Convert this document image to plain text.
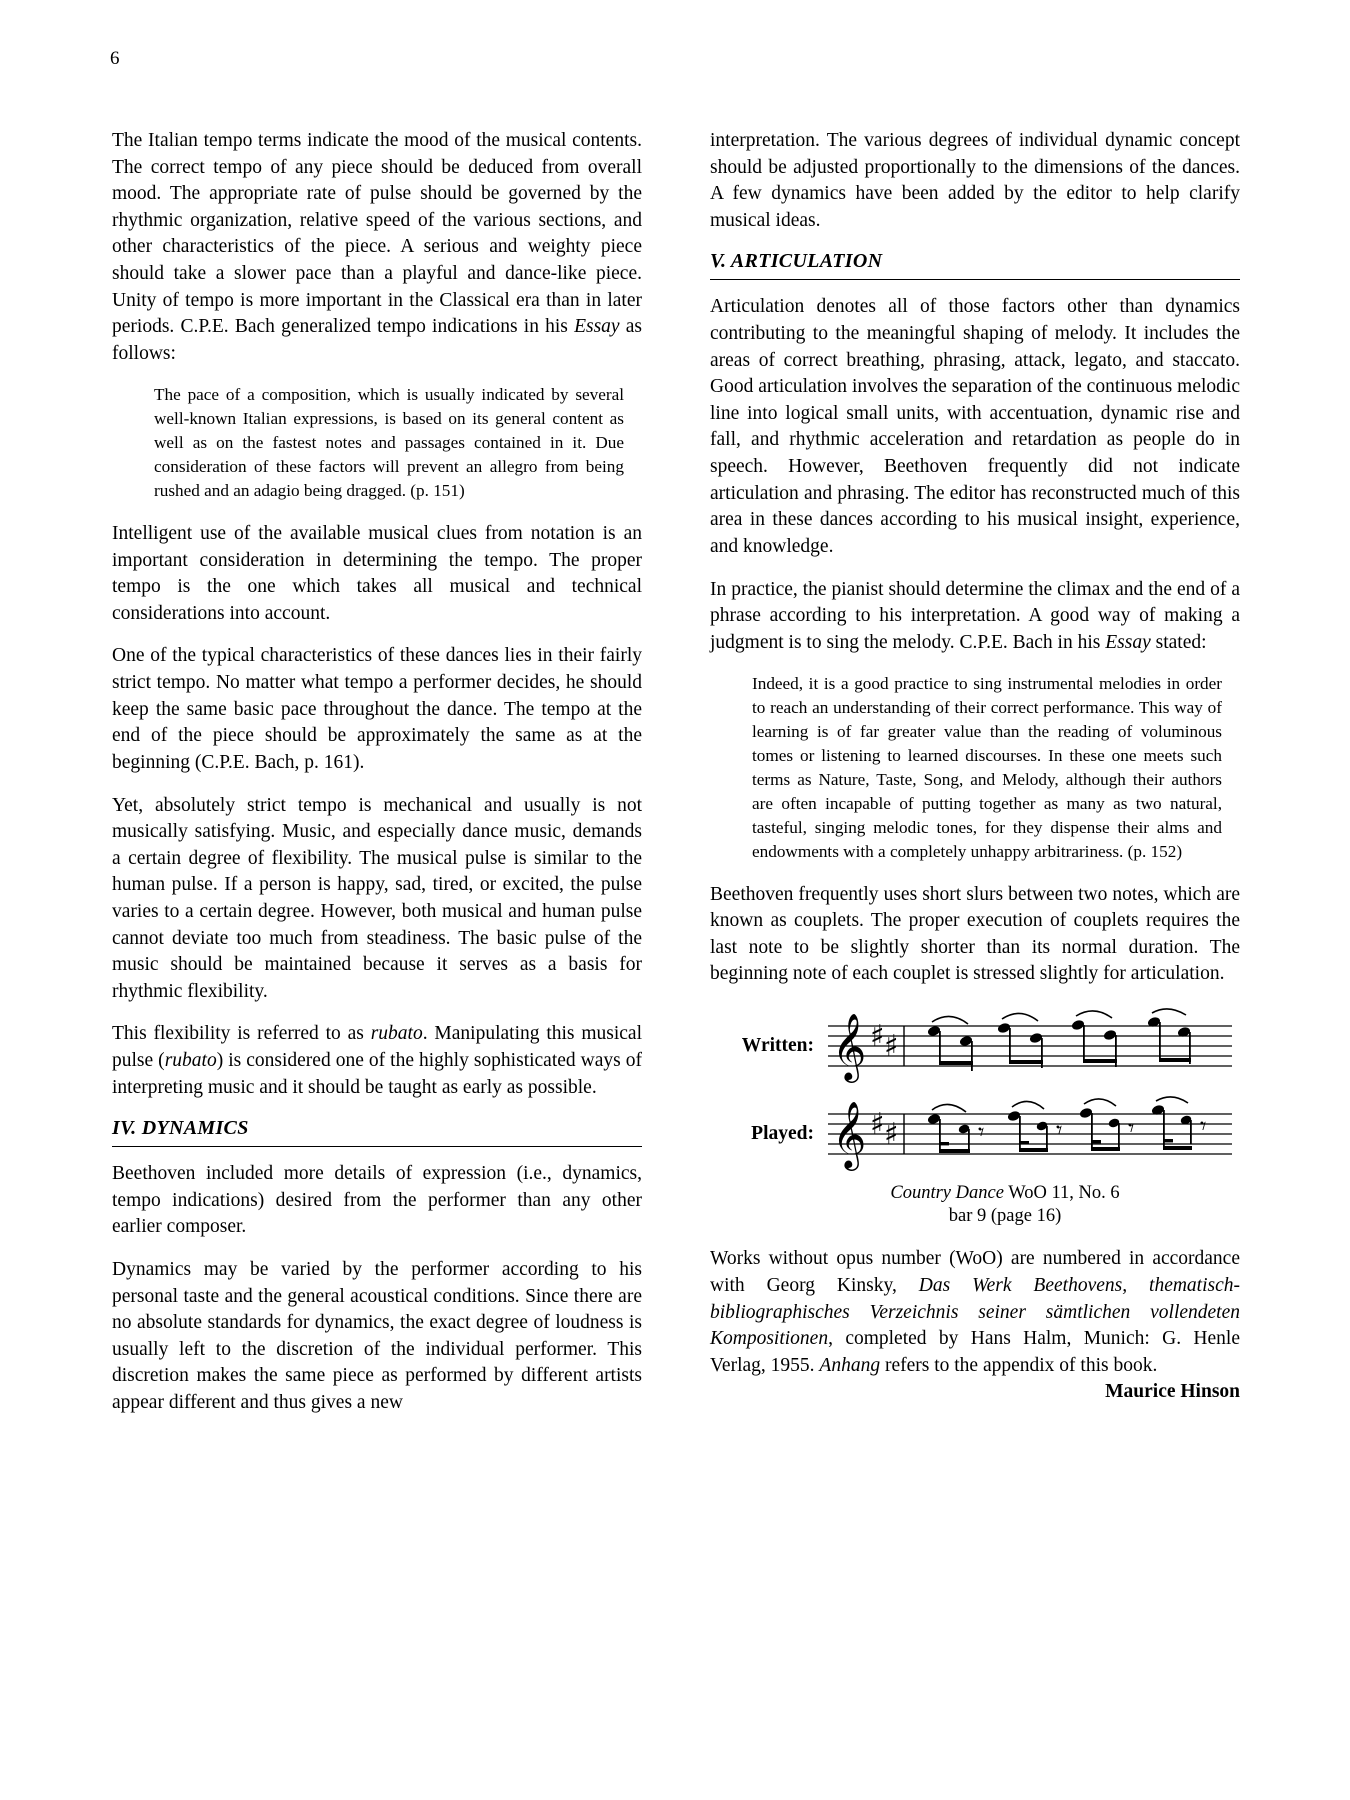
6

The Italian tempo terms indicate the mood of the musical contents. The correct tempo of any piece should be deduced from overall mood. The appropriate rate of pulse should be governed by the rhythmic organization, relative speed of the various sections, and other characteristics of the piece. A serious and weighty piece should take a slower pace than a playful and dance-like piece. Unity of tempo is more important in the Classical era than in later periods. C.P.E. Bach generalized tempo indications in his Essay as follows:

The pace of a composition, which is usually indicated by several well-known Italian expressions, is based on its general content as well as on the fastest notes and passages contained in it. Due consideration of these factors will prevent an allegro from being rushed and an adagio being dragged. (p. 151)

Intelligent use of the available musical clues from notation is an important consideration in determining the tempo. The proper tempo is the one which takes all musical and technical considerations into account.

One of the typical characteristics of these dances lies in their fairly strict tempo. No matter what tempo a performer decides, he should keep the same basic pace throughout the dance. The tempo at the end of the piece should be approximately the same as at the beginning (C.P.E. Bach, p. 161).

Yet, absolutely strict tempo is mechanical and usually is not musically satisfying. Music, and especially dance music, demands a certain degree of flexibility. The musical pulse is similar to the human pulse. If a person is happy, sad, tired, or excited, the pulse varies to a certain degree. However, both musical and human pulse cannot deviate too much from steadiness. The basic pulse of the music should be maintained because it serves as a basis for rhythmic flexibility.

This flexibility is referred to as rubato. Manipulating this musical pulse (rubato) is considered one of the highly sophisticated ways of interpreting music and it should be taught as early as possible.

IV. DYNAMICS

Beethoven included more details of expression (i.e., dynamics, tempo indications) desired from the performer than any other earlier composer.

Dynamics may be varied by the performer according to his personal taste and the general acoustical conditions. Since there are no absolute standards for dynamics, the exact degree of loudness is usually left to the discretion of the individual performer. This discretion makes the same piece as performed by different artists appear different and thus gives a new

interpretation. The various degrees of individual dynamic concept should be adjusted proportionally to the dimensions of the dances. A few dynamics have been added by the editor to help clarify musical ideas.

V. ARTICULATION

Articulation denotes all of those factors other than dynamics contributing to the meaningful shaping of melody. It includes the areas of correct breathing, phrasing, attack, legato, and staccato. Good articulation involves the separation of the continuous melodic line into logical small units, with accentuation, dynamic rise and fall, and rhythmic acceleration and retardation as people do in speech. However, Beethoven frequently did not indicate articulation and phrasing. The editor has reconstructed much of this area in these dances according to his musical insight, experience, and knowledge.

In practice, the pianist should determine the climax and the end of a phrase according to his interpretation. A good way of making a judgment is to sing the melody. C.P.E. Bach in his Essay stated:

Indeed, it is a good practice to sing instrumental melodies in order to reach an understanding of their correct performance. This way of learning is of far greater value than the reading of voluminous tomes or listening to learned discourses. In these one meets such terms as Nature, Taste, Song, and Melody, although their authors are often incapable of putting together as many as two natural, tasteful, singing melodic tones, for they dispense their alms and endowments with a completely unhappy arbitrariness. (p. 152)

Beethoven frequently uses short slurs between two notes, which are known as couplets. The proper execution of couplets requires the last note to be slightly shorter than its normal duration. The beginning note of each couplet is stressed slightly for articulation.

Written: 𝄞 ♯ ♯
Played: 𝄞 ♯ ♯	𝄾	𝄾	𝄾	𝄾
Country Dance WoO 11, No. 6
bar 9 (page 16)

Works without opus number (WoO) are numbered in accordance with Georg Kinsky, Das Werk Beethovens, thematisch-bibliographisches Verzeichnis seiner sämtlichen vollendeten Kompositionen, completed by Hans Halm, Munich: G. Henle Verlag, 1955. Anhang refers to the appendix of this book.
Maurice Hinson
